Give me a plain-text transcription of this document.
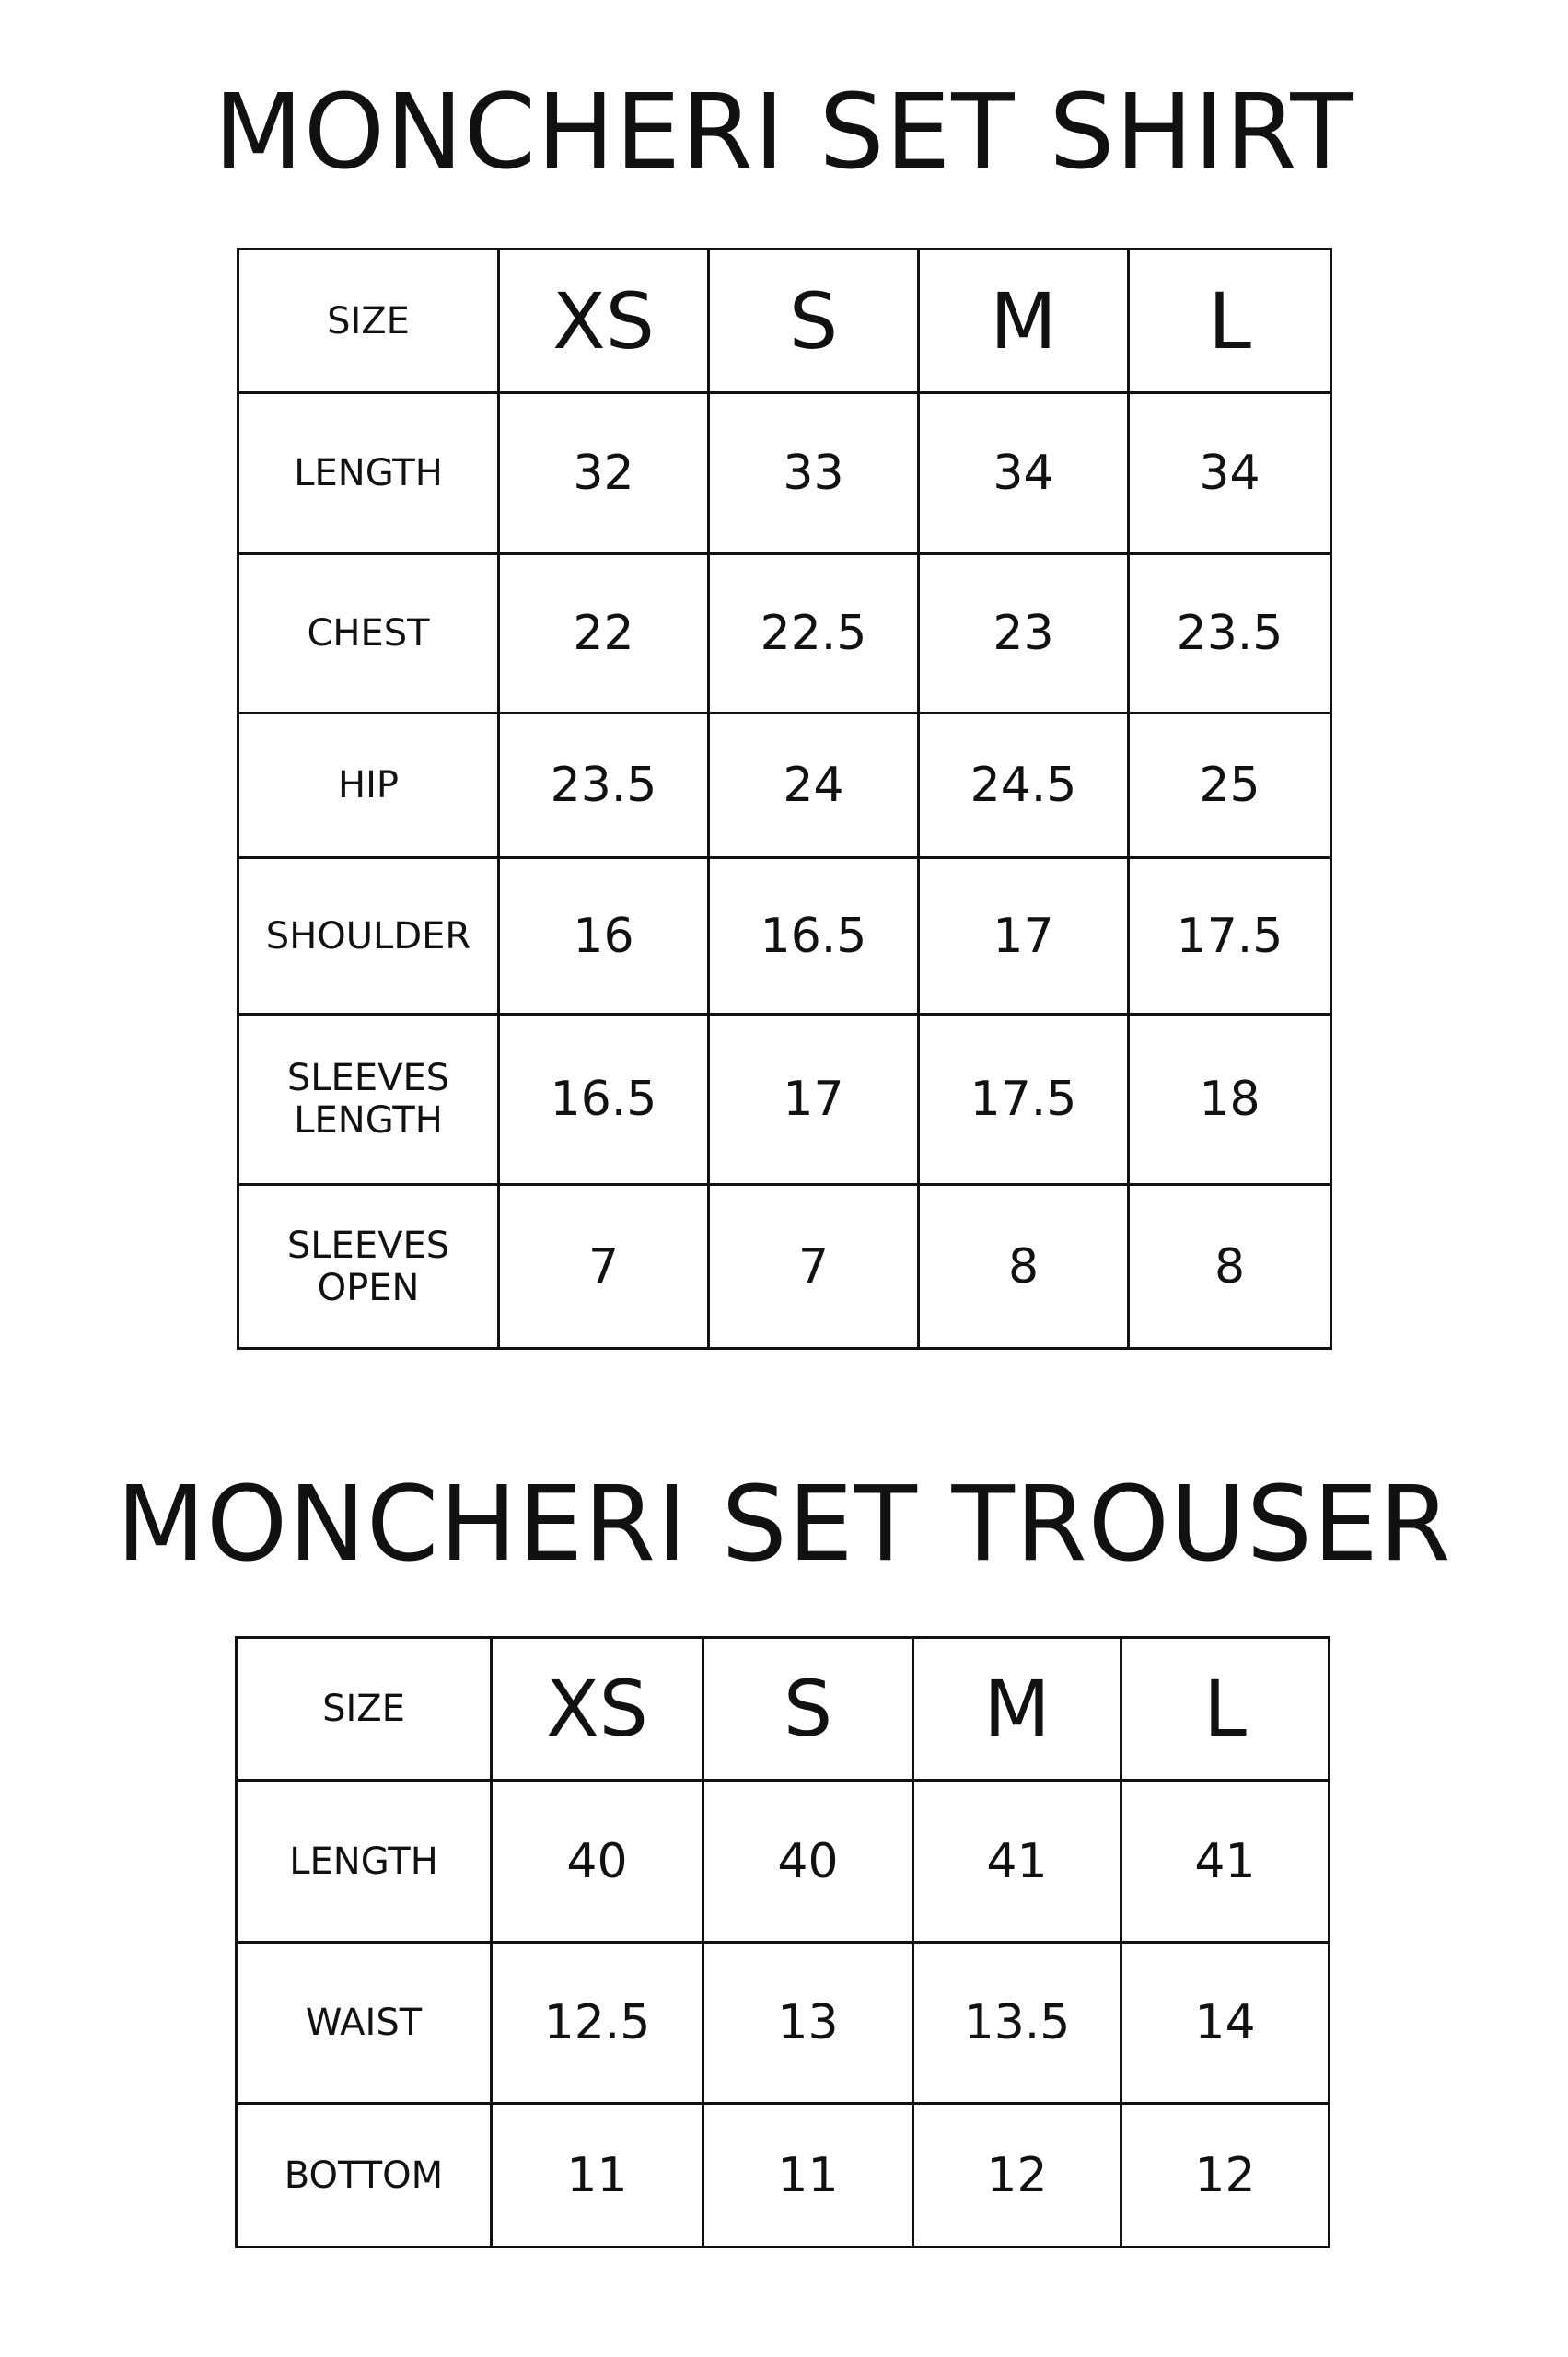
MONCHERI SET SHIRT
SIZE	XS	S	M	L

LENGTH	32	33	34	34

CHEST	22	22.5	23	23.5

HIP	23.5	24	24.5	25

SHOULDER	16	16.5	17	17.5

SLEEVES
LENGTH	16.5	17	17.5	18

SLEEVES
OPEN	7	7	8	8
MONCHERI SET TROUSER
SIZE	XS	S	M	L

LENGTH	40	40	41	41

WAIST	12.5	13	13.5	14

BOTTOM	11	11	12	12
